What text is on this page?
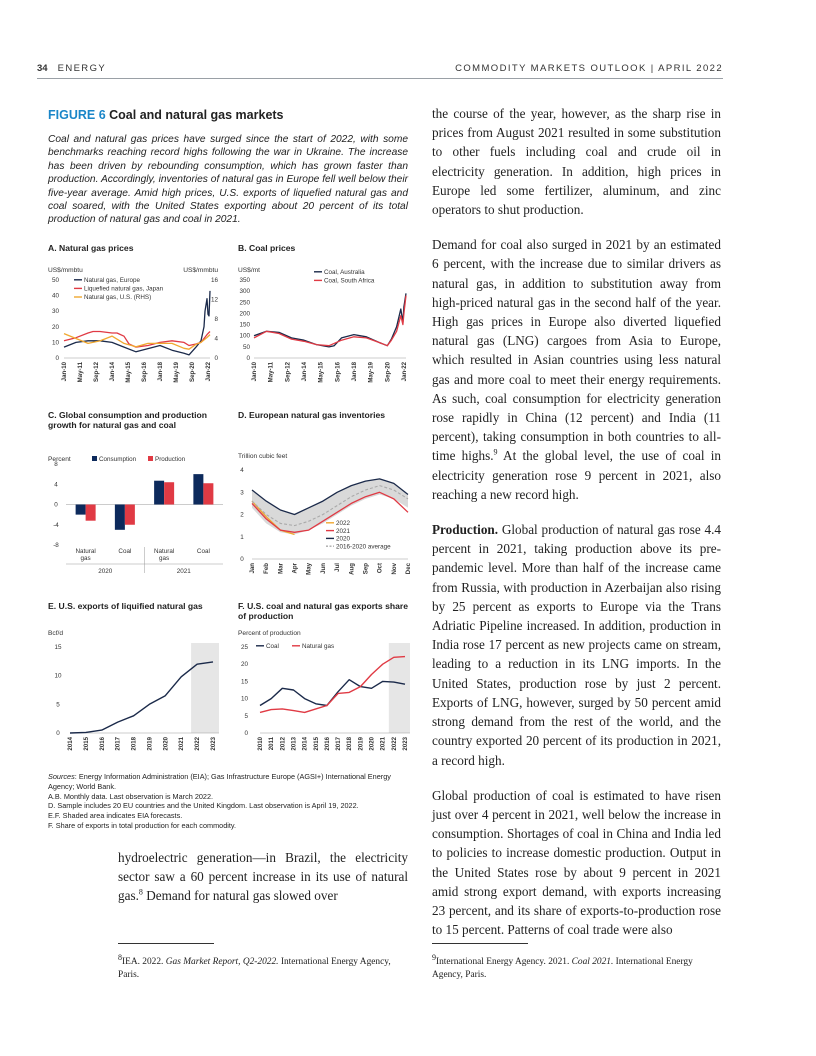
34 ENERGY	COMMODITY MARKETS OUTLOOK | APRIL 2022
FIGURE 6 Coal and natural gas markets
Coal and natural gas prices have surged since the start of 2022, with some benchmarks reaching record highs following the war in Ukraine. The increase has been driven by rebounding consumption, which has grown faster than production. Accordingly, inventories of natural gas in Europe fell well below their five-year average. Amid high prices, U.S. exports of liquefied natural gas and coal soared, with the United States exporting about 20 percent of its total production of natural gas and coal in 2021.
A. Natural gas prices	B. Coal prices
C. Global consumption and production growth for natural gas and coal
D. European natural gas inventories
E. U.S. exports of liquified natural gas	F. U.S. coal and natural gas exports share of production
0
10
20
30
40
50
US$/mmbtu
0
4
8
12
16
US$/mmbtu
Jan-10 May-11 Sep-12 Jan-14 May-15 Sep-16 Jan-18 May-19 Sep-20 Jan-22
Natural gas, Europe
Liquefied natural gas, Japan
Natural gas, U.S. (RHS)
0
50
100
150
200
250
300
350
US$/mt
Jan-10 May-11 Sep-12 Jan-14 May-15 Sep-16 Jan-18 May-19 Sep-20 Jan-22
Coal, Australia
Coal, South Africa
Percent
-8
-4
0
4
8
Natural
gas
Coal	Natural
gas
Coal
2020	2021
Consumption	Production	Trillion cubic feet
0
1
2
3
4
Jan Feb Mar Apr May Jun Jul Aug Sep Oct Nov Dec
2022
2021
2020
2016-2020 average
Bcf/d
0
5
10
15
2014 2015 2016 2017 2018 2019 2020 2021 2022 2023
Percent of production
0
5
10
15
20
25
2010 2011 2012 2013 2014 2015 2016 2017 2018 2019 2020 2021 2022 2023
Coal	Natural gas

Sources: Energy Information Administration (EIA); Gas Infrastructure Europe (AGSI+) International Energy Agency; World Bank.

A.B. Monthly data. Last observation is March 2022.

D. Sample includes 20 EU countries and the United Kingdom. Last observation is April 19, 2022.

E.F. Shaded area indicates EIA forecasts.

F. Share of exports in total production for each commodity.

hydroelectric generation—in Brazil, the electricity sector saw a 60 percent increase in its use of natural gas.$^8$ Demand for natural gas slowed over

the course of the year, however, as the sharp rise in prices from August 2021 resulted in some substitution to other fuels including coal and crude oil in electricity generation. In addition, high prices in Europe led some fertilizer, aluminum, and zinc operators to shut production.

Demand for coal also surged in 2021 by an estimated 6 percent, with the increase due to similar drivers as natural gas, in addition to substitution away from high-priced natural gas in the second half of the year. High gas prices in Europe also diverted liquefied natural gas (LNG) cargoes from Asia to Europe, which resulted in Asian countries using less natural gas and more coal to meet their energy requirements. As such, coal consumption for electricity generation rose rapidly in China (12 percent) and India (11 percent), taking consumption in both countries to all-time highs.$^9$ At the global level, the use of coal in electricity generation rose 9 percent in 2021, also reaching a new record high.

Production. Global production of natural gas rose 4.4 percent in 2021, taking production above its pre-pandemic level. More than half of the increase came from Russia, with production in Azerbaijan also rising by 25 percent as exports to Europe via the Trans Adriatic Pipeline increased. In addition, production in India rose 17 percent as new projects came on stream, leading to a reduction in its LNG imports. In the United States, production rose by just 2 percent. Exports of LNG, however, surged by 50 percent amid strong demand from the rest of the world, and the country exported 20 percent of its production in 2021, a record high.

Global production of coal is estimated to have risen just over 4 percent in 2021, well below the increase in consumption. Shortages of coal in China and India led to policies to increase domestic production. Output in the United States rose by about 9 percent in 2021 amid strong export demand, with exports increasing 23 percent, and its share of exports-to-production rose to 15 percent. Patterns of coal trade were also

$^8$IEA. 2022. Gas Market Report, Q2-2022. International Energy Agency, Paris.
$^9$International Energy Agency. 2021. Coal 2021. International Energy Agency, Paris.
